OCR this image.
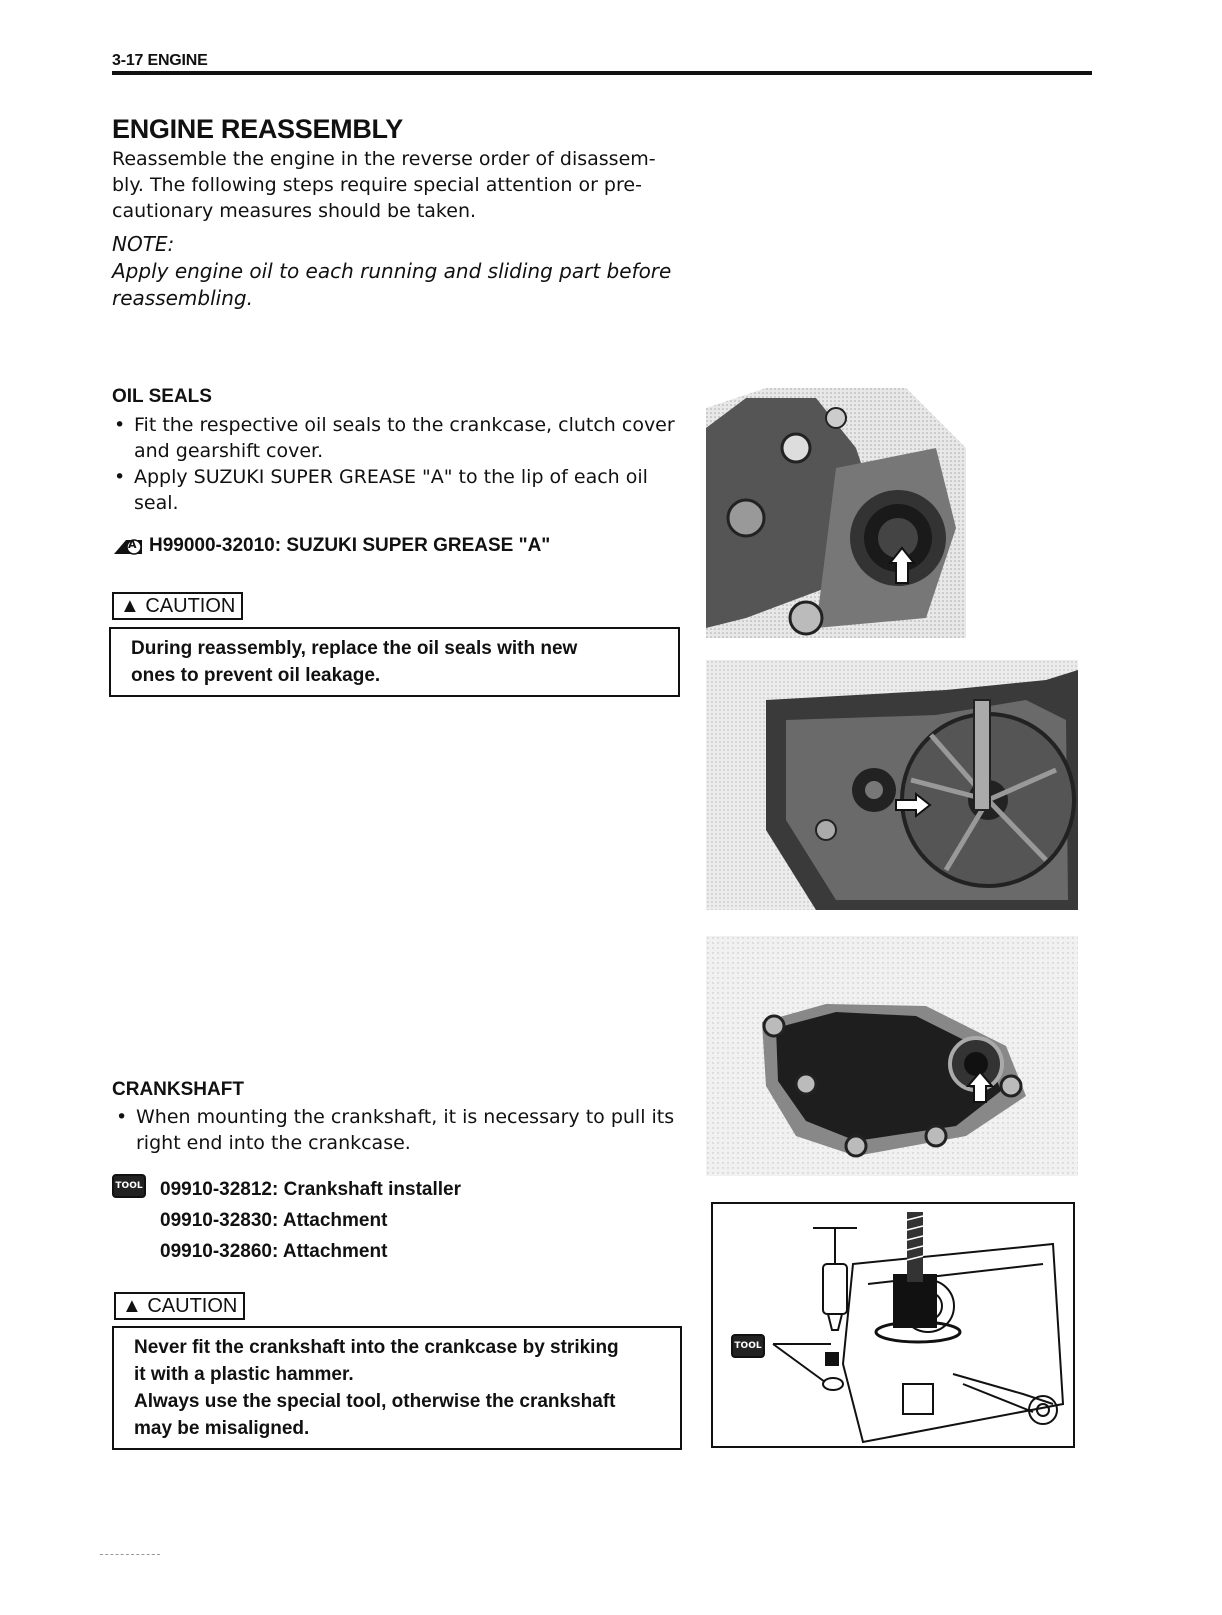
3-17 ENGINE
ENGINE REASSEMBLY
Reassemble the engine in the reverse order of disassem-
bly. The following steps require special attention or pre-
cautionary measures should be taken.
NOTE:
Apply engine oil to each running and sliding part before
reassembling.
OIL SEALS
• Fit the respective oil seals to the crankcase, clutch cover
and gearshift cover.
• Apply SUZUKI SUPER GREASE "A" to the lip of each oil
seal.
A H99000-32010: SUZUKI SUPER GREASE "A"
▲ CAUTION
During reassembly, replace the oil seals with new
ones to prevent oil leakage.
CRANKSHAFT
• When mounting the crankshaft, it is necessary to pull its
right end into the crankcase.
TOOL 09910-32812: Crankshaft installer
09910-32830: Attachment
09910-32860: Attachment
▲ CAUTION
Never fit the crankshaft into the crankcase by striking
it with a plastic hammer.
Always use the special tool, otherwise the crankshaft
may be misaligned.
TOOL
